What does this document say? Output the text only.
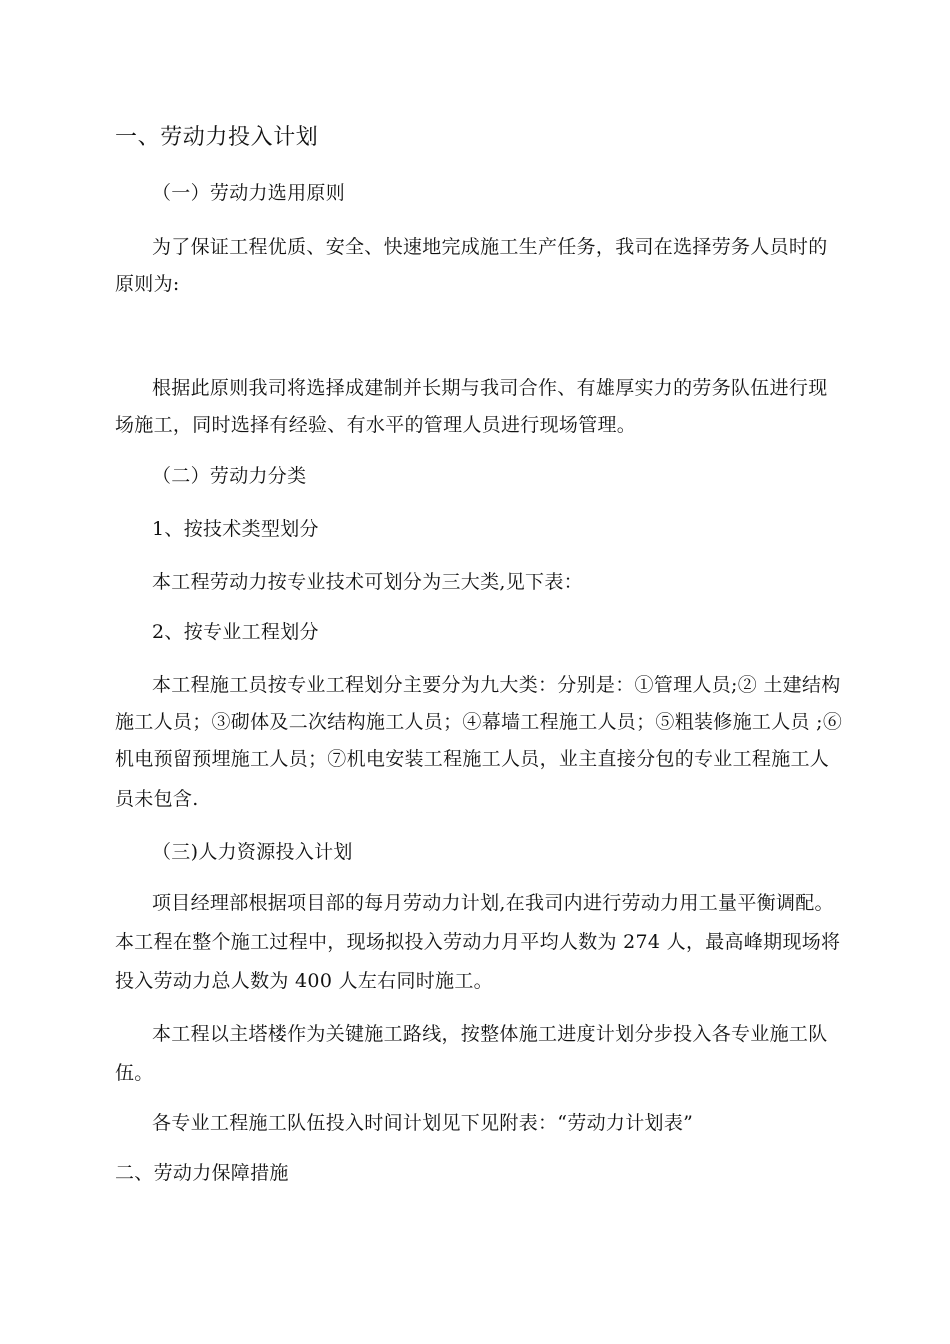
一、劳动力投入计划
（一）劳动力选用原则
为了保证工程优质、安全、快速地完成施工生产任务，我司在选择劳务人员时的
原则为:
根据此原则我司将选择成建制并长期与我司合作、有雄厚实力的劳务队伍进行现
场施工，同时选择有经验、有水平的管理人员进行现场管理。
（二）劳动力分类
1、按技术类型划分
本工程劳动力按专业技术可划分为三大类,见下表：
2、按专业工程划分
本工程施工员按专业工程划分主要分为九大类：分别是：①管理人员;② 土建结构
施工人员；③砌体及二次结构施工人员；④幕墙工程施工人员；⑤粗装修施工人员 ;⑥
机电预留预埋施工人员；⑦机电安装工程施工人员，业主直接分包的专业工程施工人
员未包含.
（三)人力资源投入计划
项目经理部根据项目部的每月劳动力计划,在我司内进行劳动力用工量平衡调配。
本工程在整个施工过程中，现场拟投入劳动力月平均人数为 274 人，最高峰期现场将
投入劳动力总人数为 400 人左右同时施工。
本工程以主塔楼作为关键施工路线，按整体施工进度计划分步投入各专业施工队
伍。
各专业工程施工队伍投入时间计划见下见附表：“劳动力计划表”
二、劳动力保障措施
